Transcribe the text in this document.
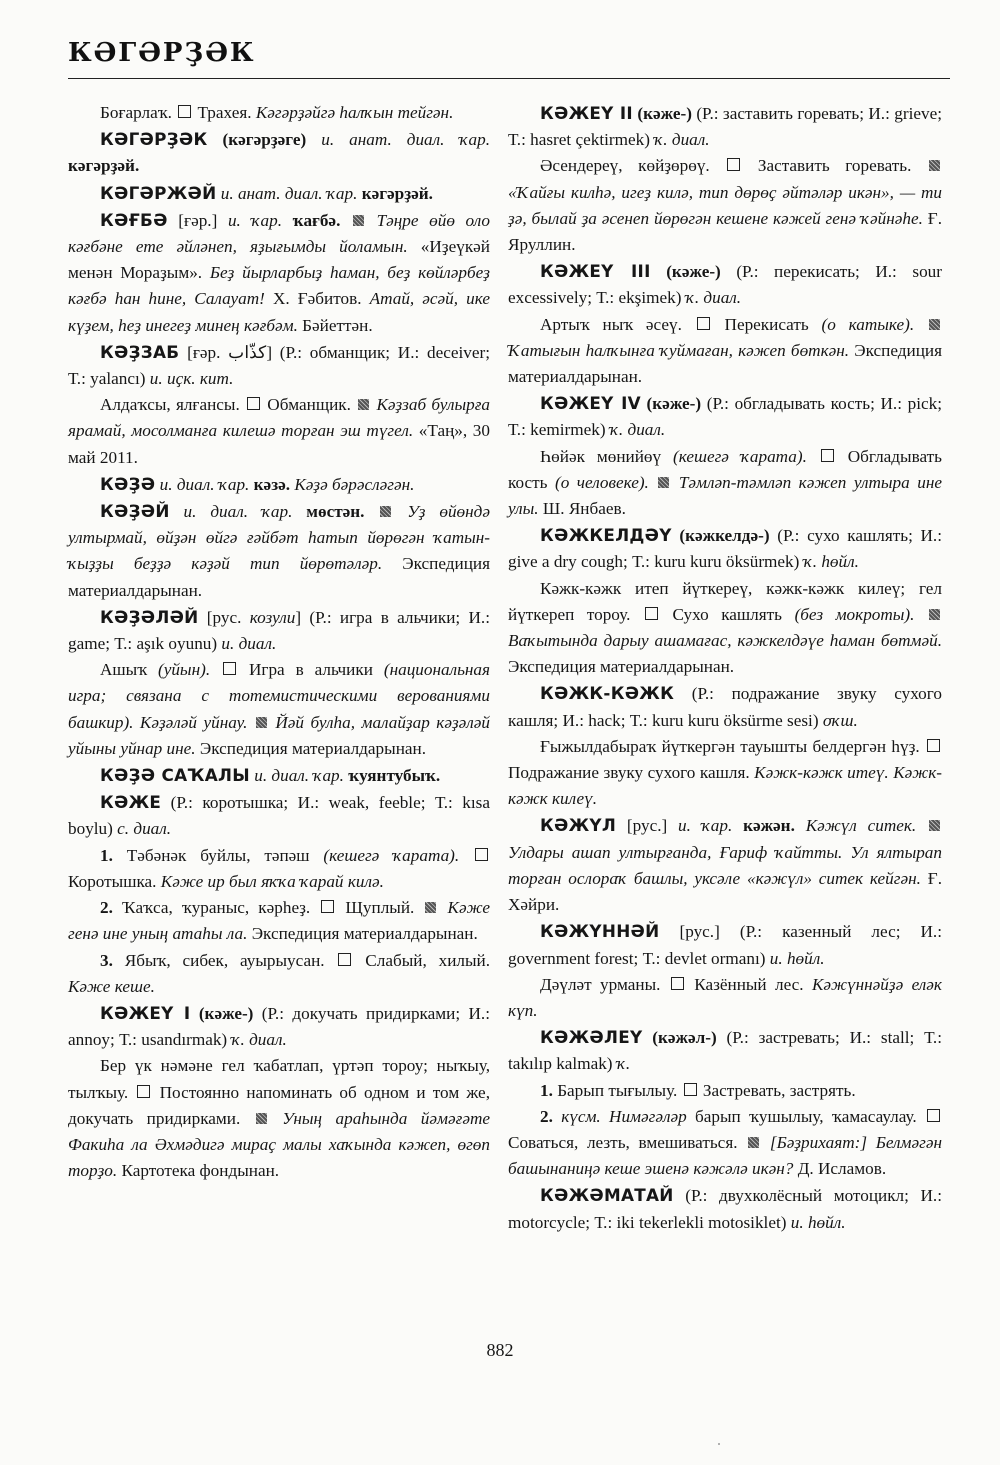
КӘГӘРҘӘК

Боғарлаҡ.  Трахея. Кәгәрҙәйгә һалҡын тейгән.

КӘГӘРҘӘК (кәгәрҙәге) и. анат. диал. ҡар. кәгәрҙәй.

КӘГӘРЖӘЙ и. анат. диал. ҡар. кәгәрҙәй.

КӘҒБӘ [ғәр.] и. ҡар. ҡағбә.  Тәңре өйө оло кәғбәне ете әйләнеп, яҙығымды йоламын. «Иҙеүкәй менән Мораҙым». Беҙ йырларбыҙ һаман, беҙ көйләрбеҙ кәғбә һан һине, Салауат! Х. Ғәбитов. Атай, әсәй, ике күҙем, һеҙ инегеҙ минең кәғбәм. Бәйеттән.

КӘҘЗАБ [ғәр. كذّاب] (Р.: обманщик; И.: deceiver; Т.: yalancı) и. иҫк. кит.

Алдаҡсы, ялғансы.  Обманщик.  Кәҙзаб булырға ярамай, мосолманға килешә торған эш түгел. «Таң», 30 май 2011.

КӘҘӘ и. диал. ҡар. кәзә. Кәҙә бәрәсләгән.

КӘҘӘЙ и. диал. ҡар. мөстән.  Уҙ өйөндә ултырмай, өйҙән өйгә ғәйбәт һатып йөрөгән ҡатын-ҡыҙҙы беҙҙә кәҙәй тип йөрөтәләр. Экспедиция материалдарынан.

КӘҘӘЛӘЙ [рус. козули] (Р.: игра в альчики; И.: game; Т.: aşık oyunu) и. диал.

Ашыҡ (уйын).  Игра в альчики (национальная игра; связана с тотемистическими верованиями башкир). Кәҙәләй уйнау.  Йәй булһа, малайҙар кәҙәләй уйыны уйнар ине. Экспедиция материалдарынан.

КӘҘӘ САҠАЛЫ и. диал. ҡар. ҡуянтубыҡ.

КӘЖЕ (Р.: коротышка; И.: weak, feeble; Т.: kısa boylu) с. диал.

1. Тәбәнәк буйлы, тәпәш (кешегә ҡарата).  Коротышка. Кәже ир был яҡҡа ҡарай килә.

2. Ҡаҡса, ҡураныс, кәрһеҙ.  Щуплый.  Кәже генә ине уның атаһы ла. Экспедиция материалдарынан.

3. Ябыҡ, сибек, ауырыусан.  Слабый, хилый. Кәже кеше.

КӘЖЕҮ I (кәже-) (Р.: докучать придирками; И.: annoy; Т.: usandırmak) ҡ. диал.

Бер үк нәмәне гел ҡабатлап, үртәп тороу; ныҡыу, тылҡыу.  Постоянно напоминать об одном и том же, докучать придирками.  Уның араһында йәмәғәте Факиһа ла Әхмәдигә мираҫ малы хаҡында кәжеп, өгөп торҙо. Картотека фондынан.

КӘЖЕҮ II (кәже-) (Р.: заставить горевать; И.: grieve; Т.: hasret çektirmek) ҡ. диал.

Әсендереү, көйҙөрөү.  Заставить горевать.  «Ҡайғы килһә, игеҙ килә, тип дөрөҫ әйтәләр икән», — ти ҙә, былай ҙа әсенеп йөрөгән кешене кәжей генә ҡәйнәһе. Ғ. Яруллин.

КӘЖЕҮ III (кәже-) (Р.: перекисать; И.: sour excessively; Т.: ekşimek) ҡ. диал.

Артыҡ ныҡ әсеү.  Перекисать (о катыке).  Ҡатығын һалҡынға ҡуймаған, кәжеп бөткән. Экспедиция материалдарынан.

КӘЖЕҮ IV (кәже-) (Р.: обгладывать кость; И.: pick; Т.: kemirmek) ҡ. диал.

Һөйәк мөнийөү (кешегә ҡарата).  Обгладывать кость (о человеке).  Тәмләп-тәмләп кәжеп ултыра ине улы. Ш. Янбаев.

КӘЖКЕЛДӘҮ (кәжкелдә-) (Р.: сухо кашлять; И.: give a dry cough; Т.: kuru kuru öksürmek) ҡ. һөйл.

Кәжк-кәжк итеп йүткереү, кәжк-кәжк килеү; гел йүткереп тороу.  Сухо кашлять (без мокроты).  Ваҡытында дарыу ашамағас, кәжкелдәүе һаман бөтмәй. Экспедиция материалдарынан.

КӘЖК-КӘЖК (Р.: подражание звуку сухого кашля; И.: hack; Т.: kuru kuru öksürme sesi) оҡш.

Ғыжылдабыраҡ йүткергән тауышты белдергән һүҙ.  Подражание звуку сухого кашля. Кәжк-кәжк итеү. Кәжк-кәжк килеү.

КӘЖҮЛ [рус.] и. ҡар. кәжән. Кәжүл ситек.  Улдары ашап ултырғанда, Ғариф ҡайтты. Ул ялтырап торған ослораҡ башлы, уксәле «кәжүл» ситек кейгән. Ғ. Хәйри.

КӘЖҮННӘЙ [рус.] (Р.: казенный лес; И.: government forest; Т.: devlet ormanı) и. һөйл.

Дәүләт урманы.  Казённый лес. Кәжүннәйҙә еләк күп.

КӘЖӘЛЕҮ (кәжәл-) (Р.: застревать; И.: stall; Т.: takılıp kalmak) ҡ.

1. Барып тығылыу.  Застревать, застрять.

2. күсм. Нимәгәләр барып ҡушылыу, ҡамасаулау.  Соваться, лезть, вмешиваться.  [Бәҙрихаят:] Белмәгән башынаниңә кеше эшенә кәжәлә икән? Д. Исламов.

КӘЖӘМАТАЙ (Р.: двухколёсный мотоцикл; И.: motorcycle; Т.: iki tekerlekli motosiklet) и. һөйл.

882
